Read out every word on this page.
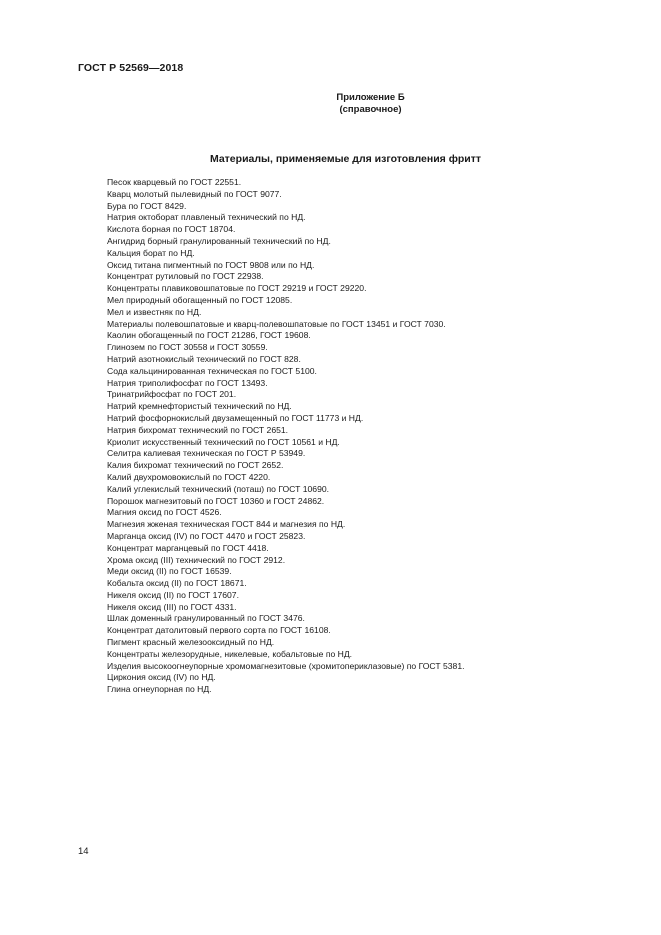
ГОСТ Р 52569—2018
Приложение Б
(справочное)
Материалы, применяемые для изготовления фритт
Песок кварцевый по ГОСТ 22551.
Кварц молотый пылевидный по ГОСТ 9077.
Бура по ГОСТ 8429.
Натрия октоборат плавленый технический по НД.
Кислота борная по ГОСТ 18704.
Ангидрид борный гранулированный технический по НД.
Кальция борат по НД.
Оксид титана пигментный по ГОСТ 9808 или по НД.
Концентрат рутиловый по ГОСТ 22938.
Концентраты плавиковошпатовые по ГОСТ 29219 и ГОСТ 29220.
Мел природный обогащенный по ГОСТ 12085.
Мел и известняк по НД.
Материалы полевошпатовые и кварц-полевошпатовые по ГОСТ 13451 и ГОСТ 7030.
Каолин обогащенный по ГОСТ 21286, ГОСТ 19608.
Глинозем по ГОСТ 30558 и ГОСТ 30559.
Натрий азотнокислый технический по ГОСТ 828.
Сода кальцинированная техническая по ГОСТ 5100.
Натрия триполифосфат по ГОСТ 13493.
Тринатрийфосфат по ГОСТ 201.
Натрий кремнефтористый технический по НД.
Натрий фосфорнокислый двузамещенный по ГОСТ 11773 и НД.
Натрия бихромат технический по ГОСТ 2651.
Криолит искусственный технический по ГОСТ 10561 и НД.
Селитра калиевая техническая по ГОСТ Р 53949.
Калия бихромат технический по ГОСТ 2652.
Калий двухромовокислый по ГОСТ 4220.
Калий углекислый технический (поташ) по ГОСТ 10690.
Порошок магнезитовый по ГОСТ 10360 и ГОСТ 24862.
Магния оксид по ГОСТ 4526.
Магнезия жженая техническая ГОСТ 844 и магнезия по НД.
Марганца оксид (IV) по ГОСТ 4470 и ГОСТ 25823.
Концентрат марганцевый по ГОСТ 4418.
Хрома оксид (III) технический по ГОСТ 2912.
Меди оксид (II) по ГОСТ 16539.
Кобальта оксид (II) по ГОСТ 18671.
Никеля оксид (II) по ГОСТ 17607.
Никеля оксид (III) по ГОСТ 4331.
Шлак доменный гранулированный по ГОСТ 3476.
Концентрат датолитовый первого сорта по ГОСТ 16108.
Пигмент красный железооксидный по НД.
Концентраты железорудные, никелевые, кобальтовые по НД.
Изделия высокоогнеупорные хромомагнезитовые (хромитопериклазовые) по ГОСТ 5381.
Циркония оксид (IV) по НД.
Глина огнеупорная по НД.
14
